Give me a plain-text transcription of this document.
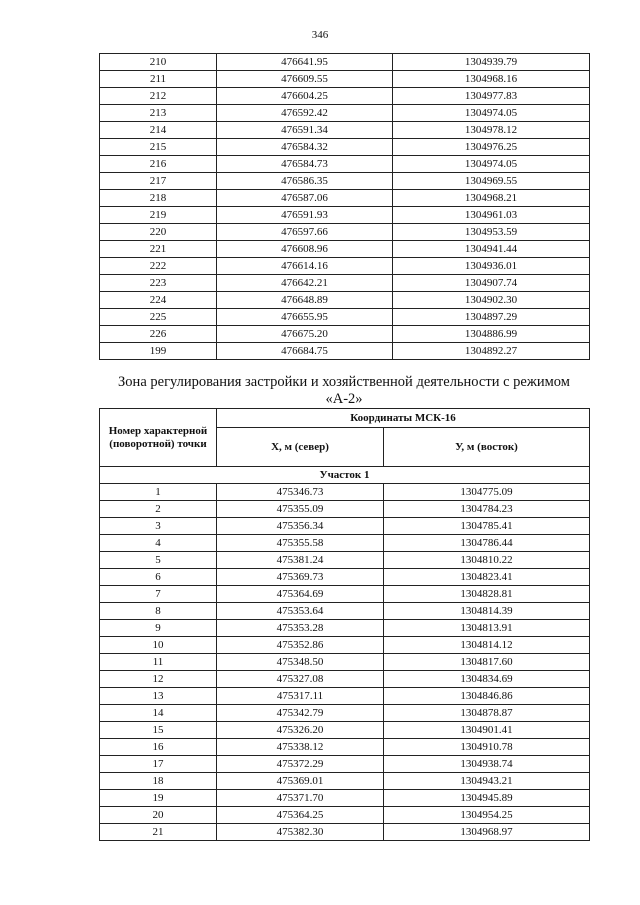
346
210	476641.95	1304939.79
211	476609.55	1304968.16
212	476604.25	1304977.83
213	476592.42	1304974.05
214	476591.34	1304978.12
215	476584.32	1304976.25
216	476584.73	1304974.05
217	476586.35	1304969.55
218	476587.06	1304968.21
219	476591.93	1304961.03
220	476597.66	1304953.59
221	476608.96	1304941.44
222	476614.16	1304936.01
223	476642.21	1304907.74
224	476648.89	1304902.30
225	476655.95	1304897.29
226	476675.20	1304886.99
199	476684.75	1304892.27
Зона регулирования застройки и хозяйственной деятельности с режимом «А-2»
Номер характерной (поворотной) точки	Координаты МСК-16	
	X, м (север)	У, м (восток)
Участок 1		
1	475346.73	1304775.09
2	475355.09	1304784.23
3	475356.34	1304785.41
4	475355.58	1304786.44
5	475381.24	1304810.22
6	475369.73	1304823.41
7	475364.69	1304828.81
8	475353.64	1304814.39
9	475353.28	1304813.91
10	475352.86	1304814.12
11	475348.50	1304817.60
12	475327.08	1304834.69
13	475317.11	1304846.86
14	475342.79	1304878.87
15	475326.20	1304901.41
16	475338.12	1304910.78
17	475372.29	1304938.74
18	475369.01	1304943.21
19	475371.70	1304945.89
20	475364.25	1304954.25
21	475382.30	1304968.97
